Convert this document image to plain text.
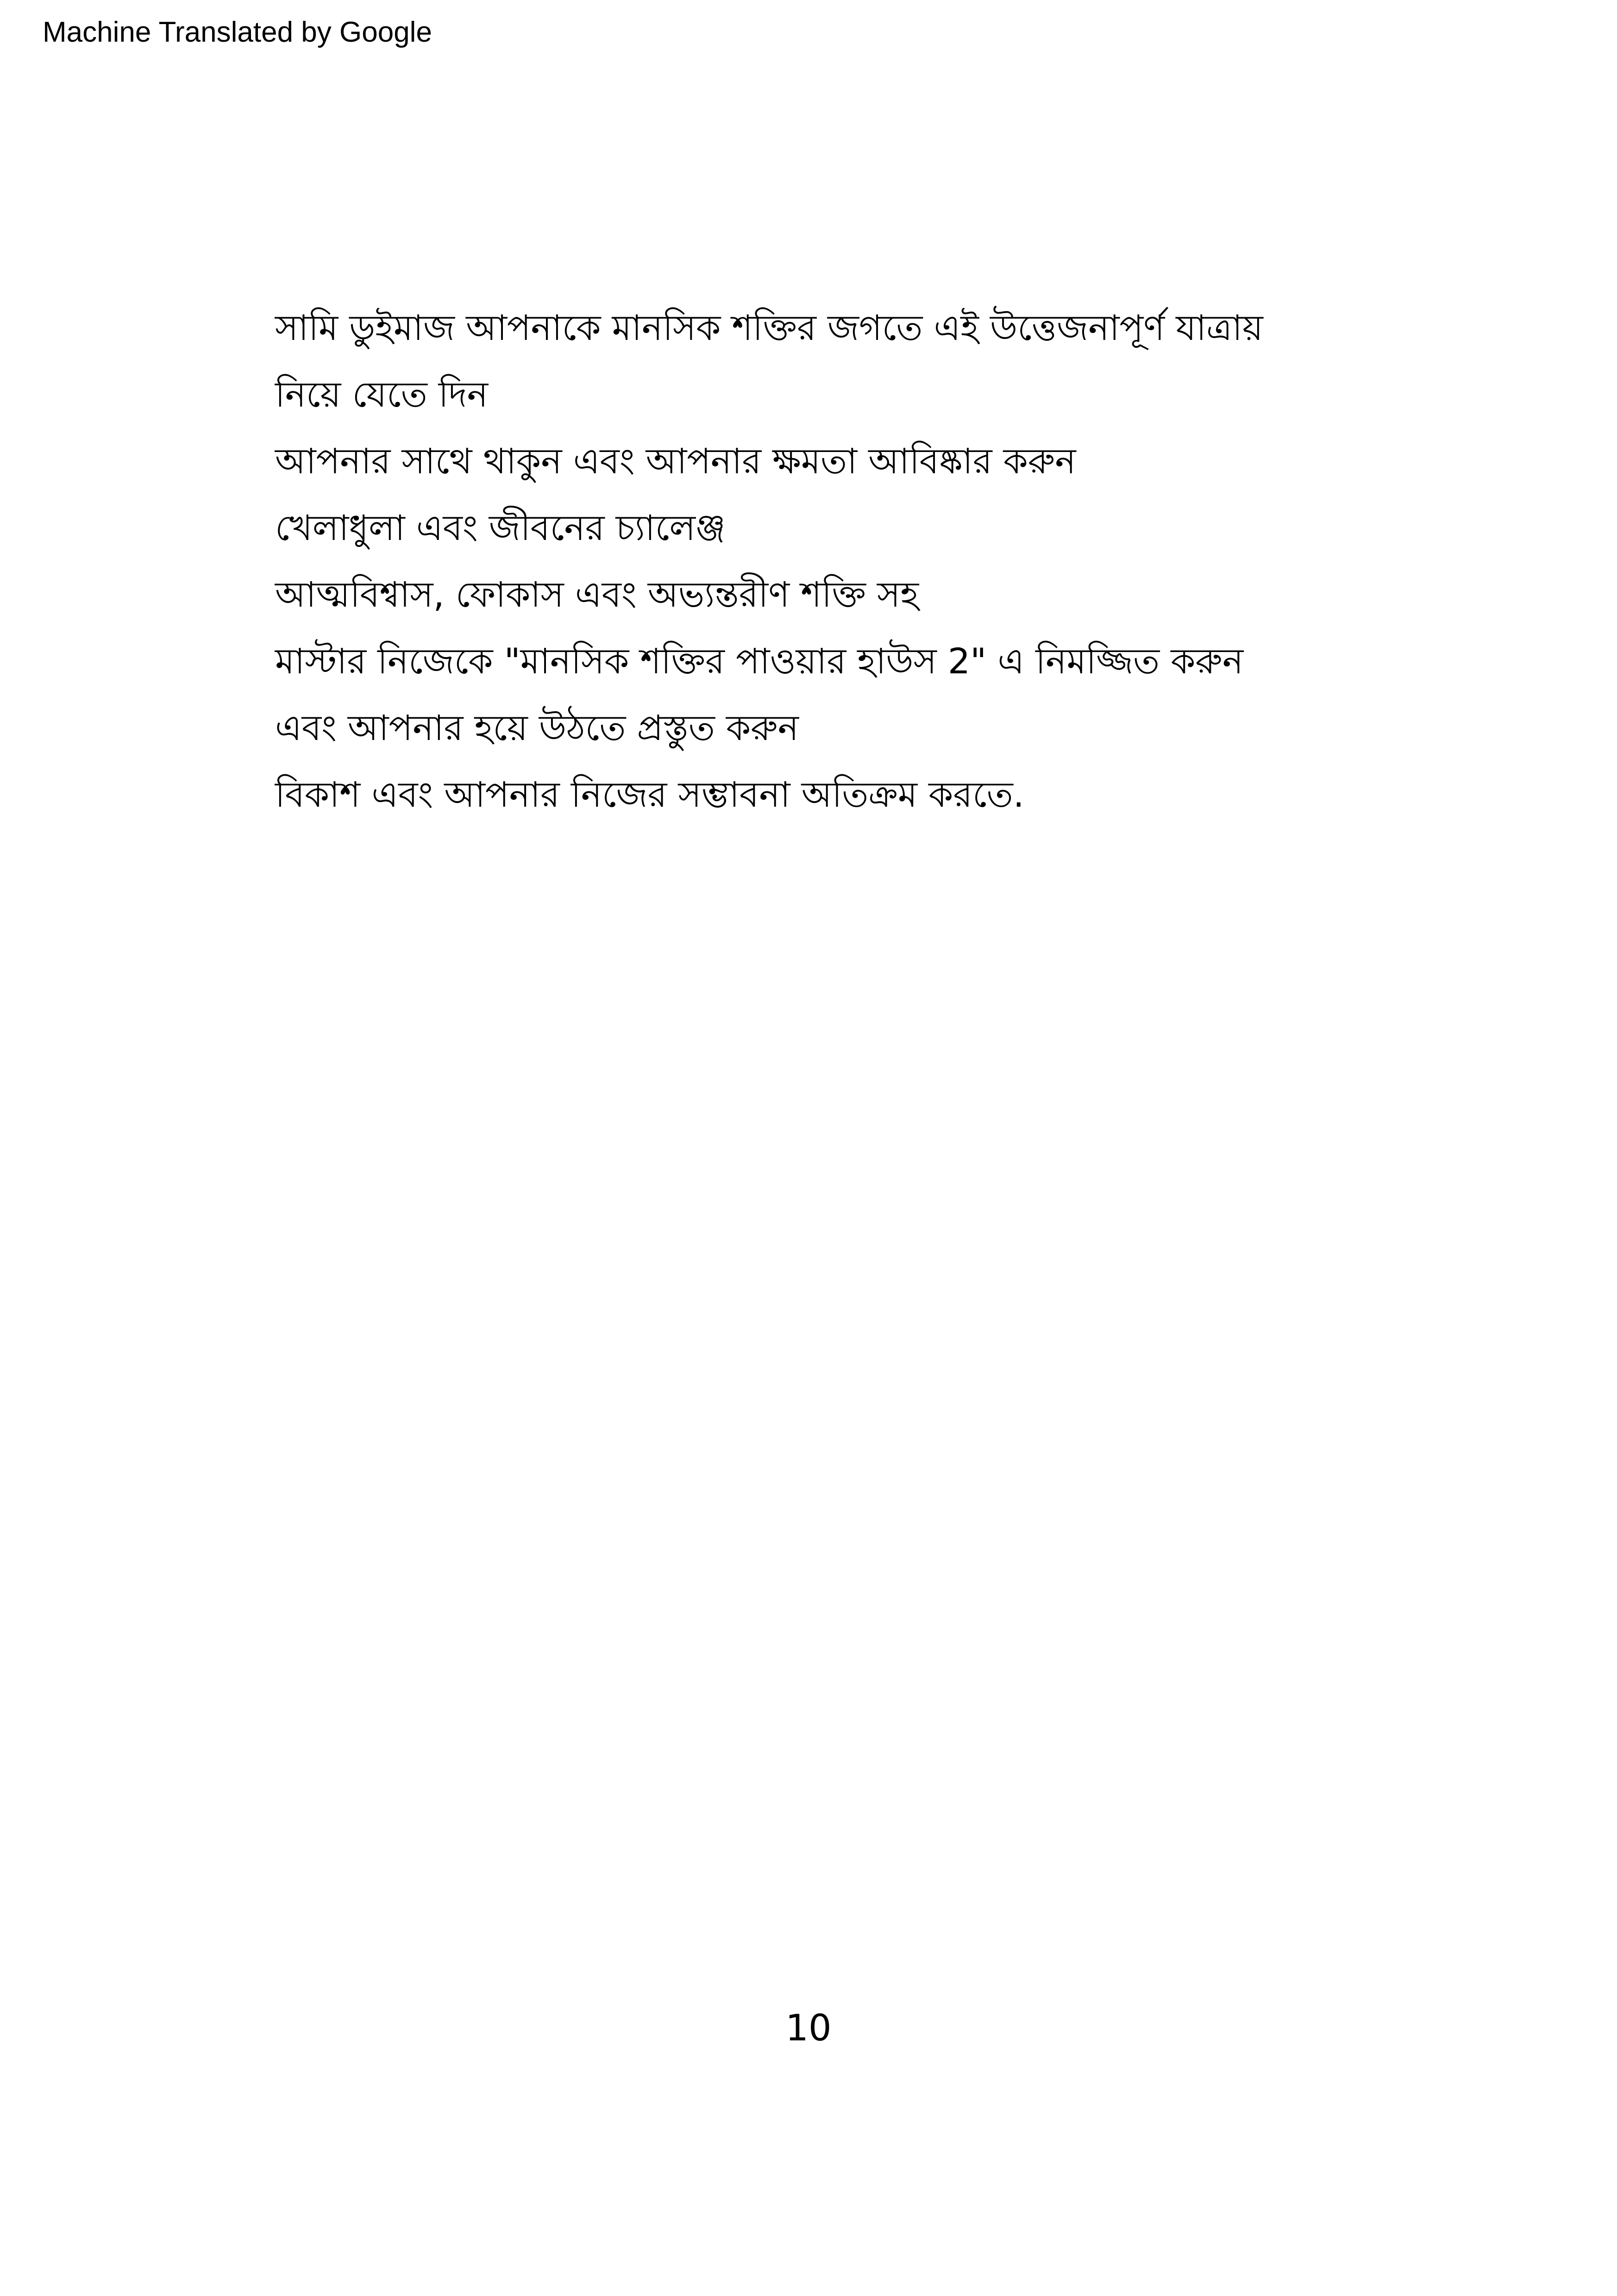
Machine Translated by Google
সামি ডুইমাজ আপনাকে মানসিক শক্তির জগতে এই উত্তেজনাপূর্ণ যাত্রায়
নিয়ে যেতে দিন
আপনার সাথে থাকুন এবং আপনার ক্ষমতা আবিষ্কার করুন
খেলাধুলা এবং জীবনের চ্যালেঞ্জ
আত্মবিশ্বাস, ফোকাস এবং অভ্যন্তরীণ শক্তি সহ
মাস্টার নিজেকে "মানসিক শক্তির পাওয়ার হাউস 2" এ নিমজ্জিত করুন
এবং আপনার হয়ে উঠতে প্রস্তুত করুন
বিকাশ এবং আপনার নিজের সম্ভাবনা অতিক্রম করতে.
10
